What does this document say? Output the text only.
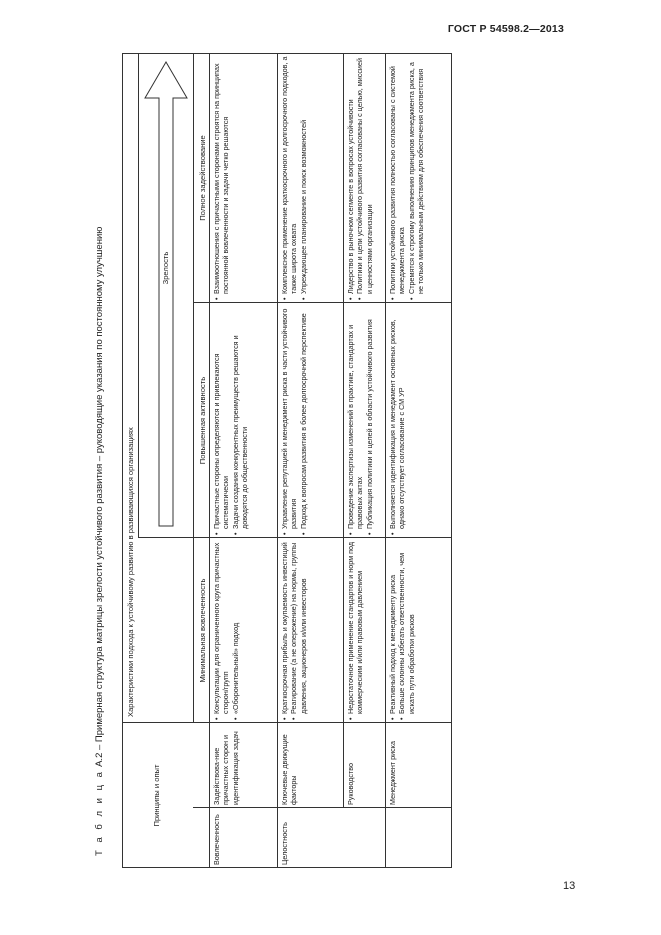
ГОСТ Р 54598.2—2013
Т а б л и ц а А.2 – Примерная структура матрицы зрелости устойчивого развития – руководящие указания по постоянному улучшению
Принципы и опыт
Характеристики подхода к устойчивому развитию в развивающихся организациях
Зрелость
Минимальная вовлеченность
Повышенная активность
Полное задействование
Вовлеченность
Задействова-ние причастных сторон и идентификация задач
• Консультации для ограниченного круга причастных сторон/групп • «Оборонительный» подход
• Причастные стороны определяются и привлекаются систематически • Задачи создания конкурентных преимуществ решаются и доводятся до общественности
• Взаимоотношения с причастными сторонами строятся на принципах постоянной вовлеченности и задачи четко решаются
Целостность
Ключевые движущие факторы
• Краткосрочная прибыль и окупаемость инвестиций • Реагирование (а не опережение) на нормы, группы давления, акционеров и/или инвесторов
• Управление репутацией и менеджмент риска в части устойчивого развития • Подход к вопросам развития в более долгосрочной перспективе
• Комплексное применение краткосрочного и долгосрочного подходов, а также широта охвата • Упреждающее планирование и поиск возможностей
Руководство
• Недостаточное применение стандартов и норм под коммерческим и/или правовым давлением
• Проведение экспертизы изменений в практике, стандартах и правовых актах • Публикация политики и целей в области устойчивого развития
• Лидерство в рыночном сегменте в вопросах устойчивости • Политики и цели устойчивого развития согласованы с целью, миссией и ценностями организации
Менеджмент риска
• Реактивный подход к менеджменту риска • Больше склонны избегать ответственности, чем искать пути обработки рисков
• Выполняется идентификация и менеджмент основных рисков, однако отсутствует согласование с СМ УР
• Политики устойчивого развития полностью согласованы с системой менеджмента риска • Стремятся к строгому выполнению принципов менеджмента риска, а не только минимальным действиям для обеспечения соответствия
13
